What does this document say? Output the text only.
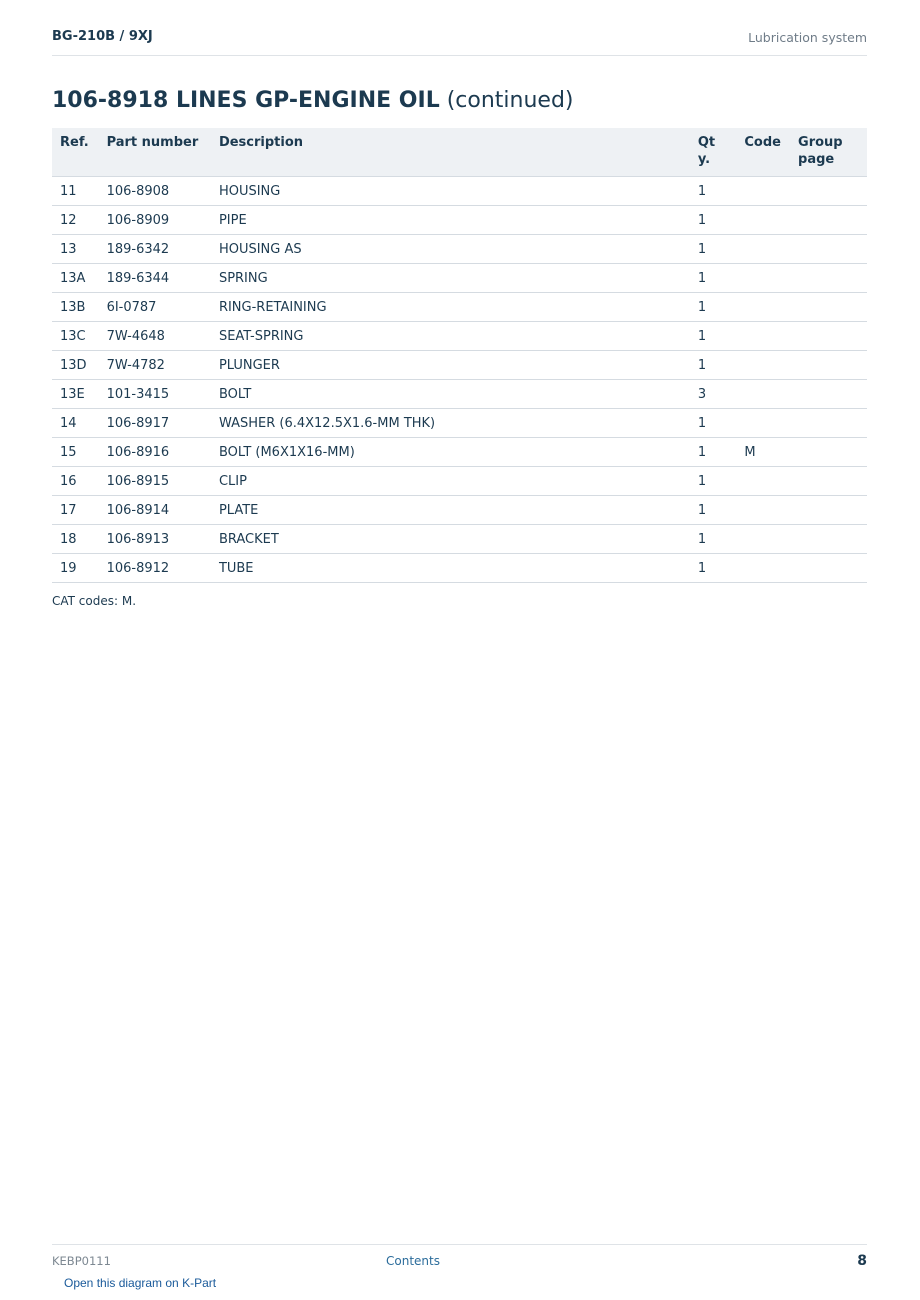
BG-210B / 9XJ	Lubrication system
106-8918 LINES GP-ENGINE OIL (continued)
Ref.	Part number	Description	Qty.	Code	Group page
11	106-8908	HOUSING	1		
12	106-8909	PIPE	1		
13	189-6342	HOUSING AS	1		
13A	189-6344	SPRING	1		
13B	6I-0787	RING-RETAINING	1		
13C	7W-4648	SEAT-SPRING	1		
13D	7W-4782	PLUNGER	1		
13E	101-3415	BOLT	3		
14	106-8917	WASHER (6.4X12.5X1.6-MM THK)	1		
15	106-8916	BOLT (M6X1X16-MM)	1	M	
16	106-8915	CLIP	1		
17	106-8914	PLATE	1		
18	106-8913	BRACKET	1		
19	106-8912	TUBE	1		
CAT codes: M.
KEBP0111	Contents	8
Open this diagram on K-Part
